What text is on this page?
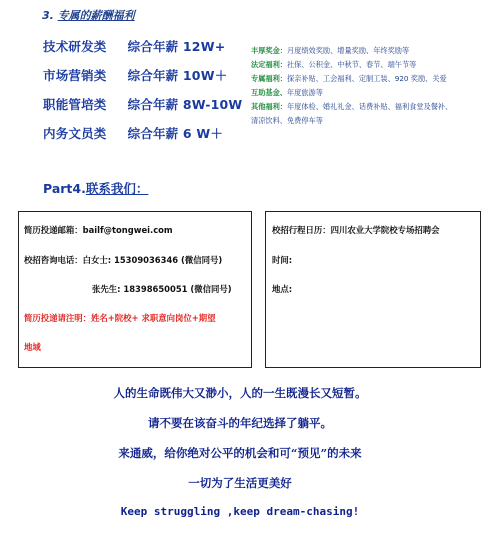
3. 专属的薪酬福利
技术研发类 综合年薪 12W+
市场营销类 综合年薪 10W＋
职能管培类 综合年薪 8W-10W
内务文员类 综合年薪 6 W＋
丰厚奖金：月度绩效奖励、增量奖励、年终奖励等
法定福利：社保、公积金、中秋节、春节、端午节等
专属福利：探亲补贴、工会福利、定制工装、920 奖励、关爱
互助基金、年度旅游等
其他福利：年度体检、婚礼礼金、话费补贴、福利食堂及餐补、
清凉饮料、免费停车等
Part4.联系我们：
简历投递邮箱：bailf@tongwei.com
校招咨询电话：白女士: 15309036346 (微信同号)
张先生: 18398650051 (微信同号)
简历投递请注明：姓名+院校+ 求职意向岗位+期望
地域
校招行程日历：四川农业大学院校专场招聘会
时间:
地点:
人的生命既伟大又渺小，人的一生既漫长又短暂。
请不要在该奋斗的年纪选择了躺平。
来通威，给你绝对公平的机会和可“预见”的未来
一切为了生活更美好
Keep struggling ,keep dream-chasing!
